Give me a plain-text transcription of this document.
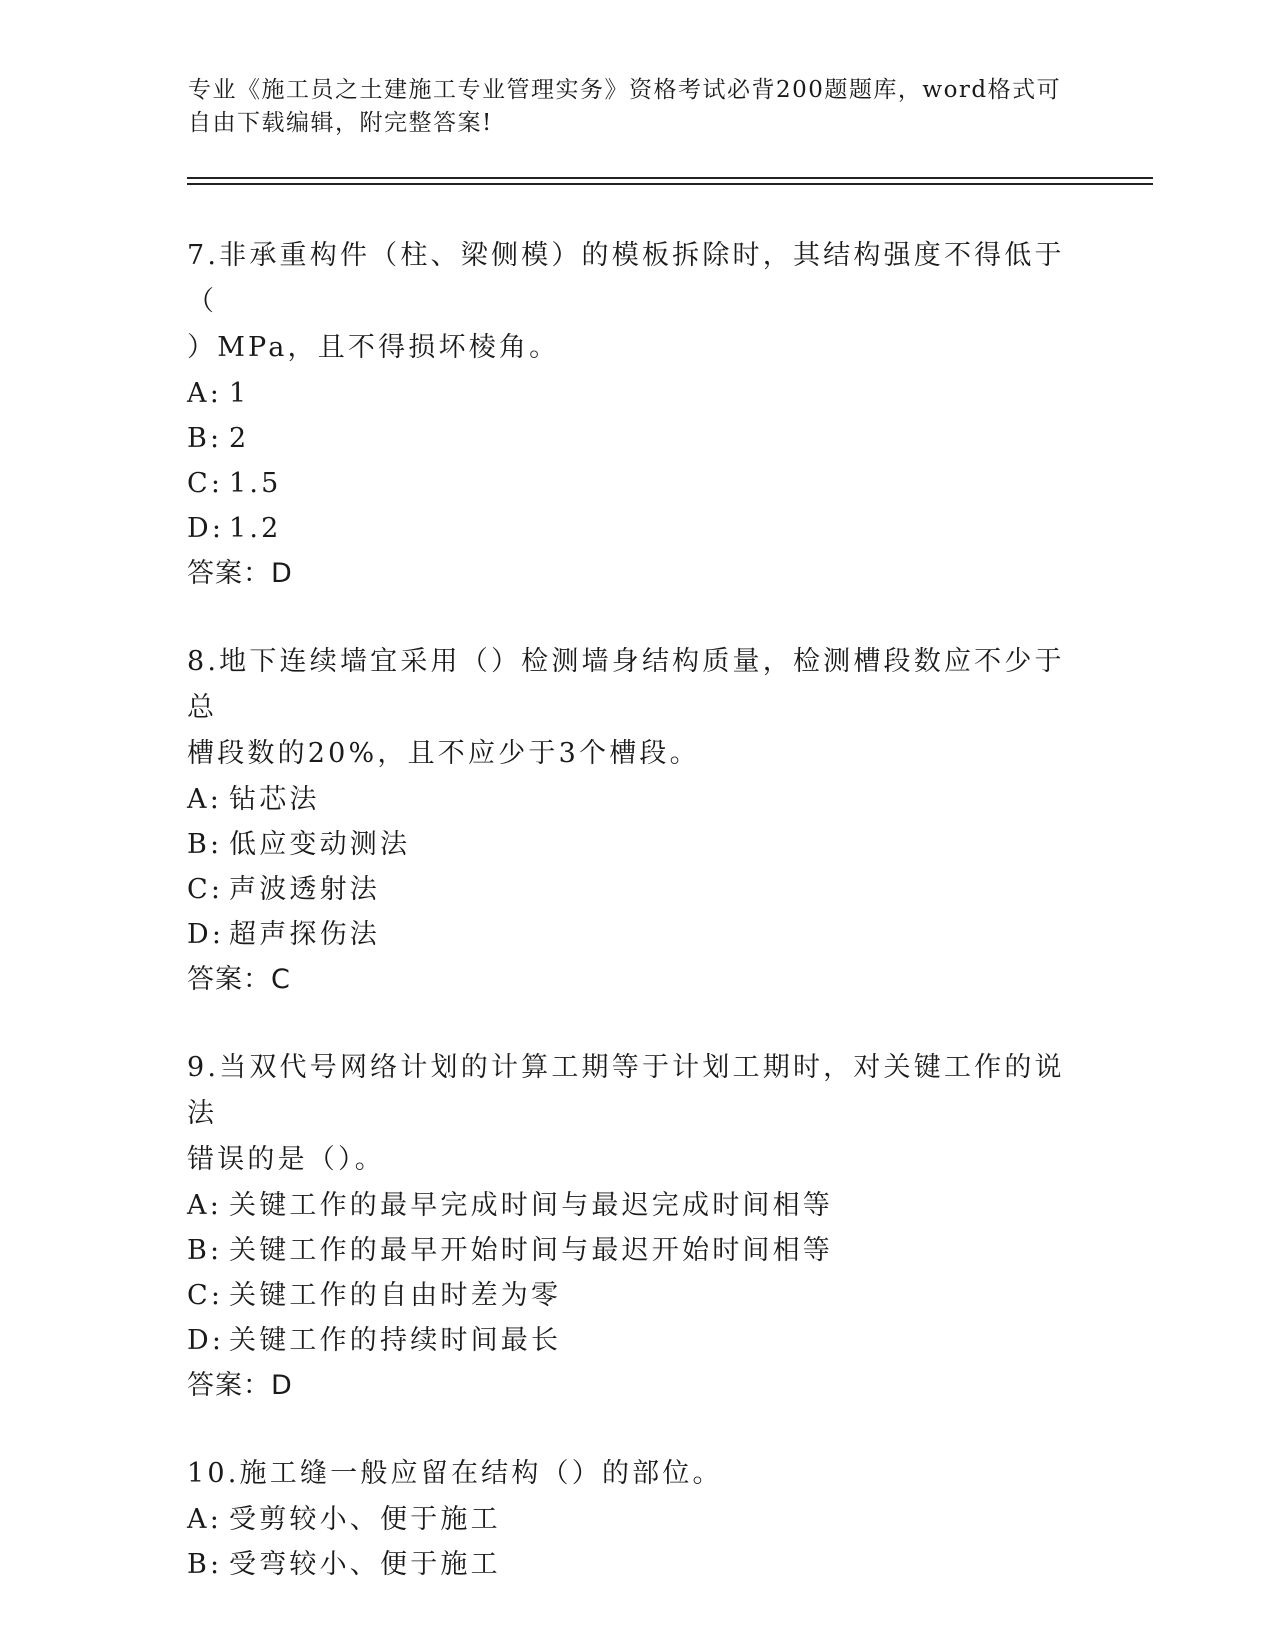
专业《施工员之土建施工专业管理实务》资格考试必背200题题库，word格式可
自由下载编辑，附完整答案!
7.非承重构件（柱、梁侧模）的模板拆除时，其结构强度不得低于（
）MPa，且不得损坏棱角。
A: 1
B: 2
C: 1.5
D: 1.2
答案：D
8.地下连续墙宜采用（）检测墙身结构质量，检测槽段数应不少于总
槽段数的20%，且不应少于3个槽段。
A: 钻芯法
B: 低应变动测法
C: 声波透射法
D: 超声探伤法
答案：C
9.当双代号网络计划的计算工期等于计划工期时，对关键工作的说法
错误的是（）。
A: 关键工作的最早完成时间与最迟完成时间相等
B: 关键工作的最早开始时间与最迟开始时间相等
C: 关键工作的自由时差为零
D: 关键工作的持续时间最长
答案：D
10.施工缝一般应留在结构（）的部位。
A: 受剪较小、便于施工
B: 受弯较小、便于施工
